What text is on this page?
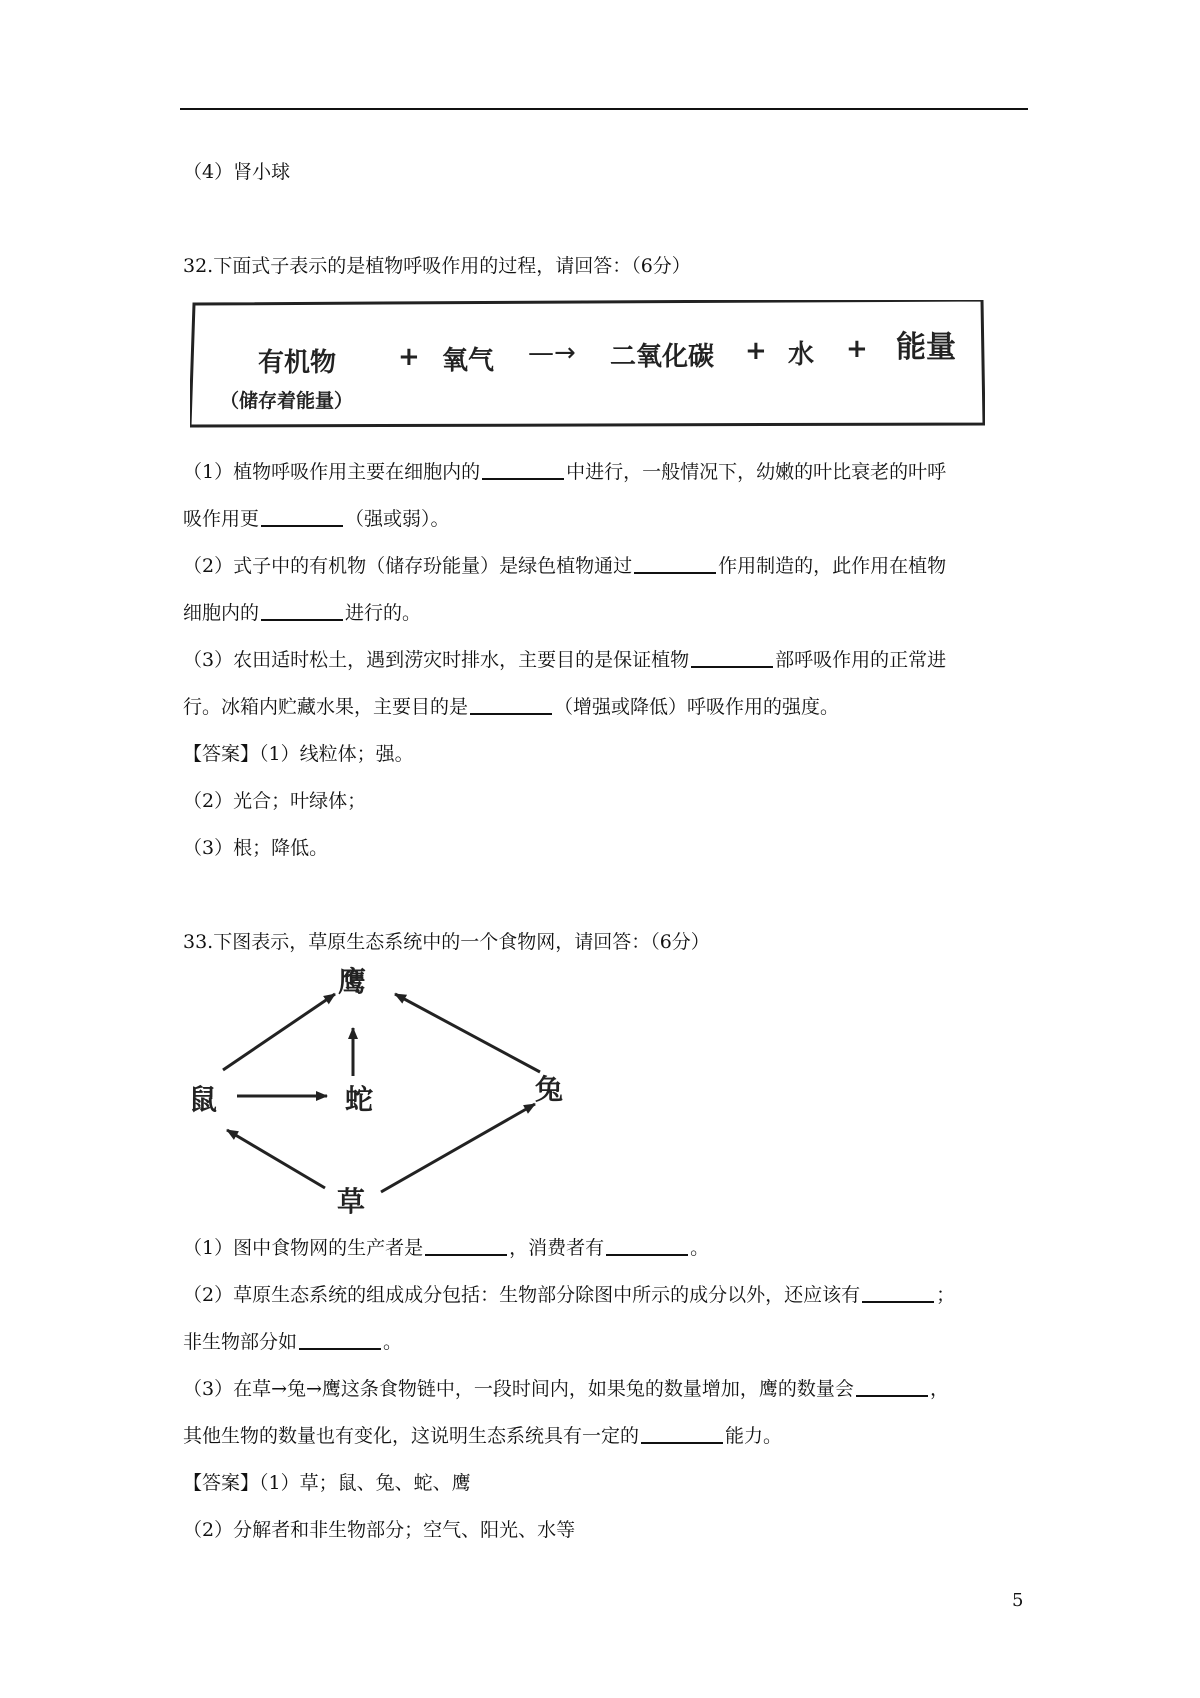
（4）肾小球
32.下面式子表示的是植物呼吸作用的过程，请回答：（6分）
有机物
（储存着能量）
+ 氧气 —→ 二氧化碳 + 水 + 能量
（1）植物呼吸作用主要在细胞内的	中进行，一般情况下，幼嫩的叶比衰老的叶呼
吸作用更	（强或弱）。
（2）式子中的有机物（储存玢能量）是绿色植物通过	作用制造的，此作用在植物
细胞内的	进行的。
（3）农田适时松土，遇到涝灾时排水，主要目的是保证植物	部呼吸作用的正常进
行。冰箱内贮藏水果，主要目的是	（增强或降低）呼吸作用的强度。
【答案】（1）线粒体；强。
（2）光合；叶绿体；
（3）根；降低。
33.下图表示，草原生态系统中的一个食物网，请回答：（6分）
鹰
鼠	蛇	兔
草
（1）图中食物网的生产者是	，消费者有	。
（2）草原生态系统的组成成分包括：生物部分除图中所示的成分以外，还应该有	；
非生物部分如	。
（3）在草→兔→鹰这条食物链中，一段时间内，如果兔的数量增加，鹰的数量会	，
其他生物的数量也有变化，这说明生态系统具有一定的	能力。
【答案】（1）草；鼠、兔、蛇、鹰
（2）分解者和非生物部分；空气、阳光、水等
5
